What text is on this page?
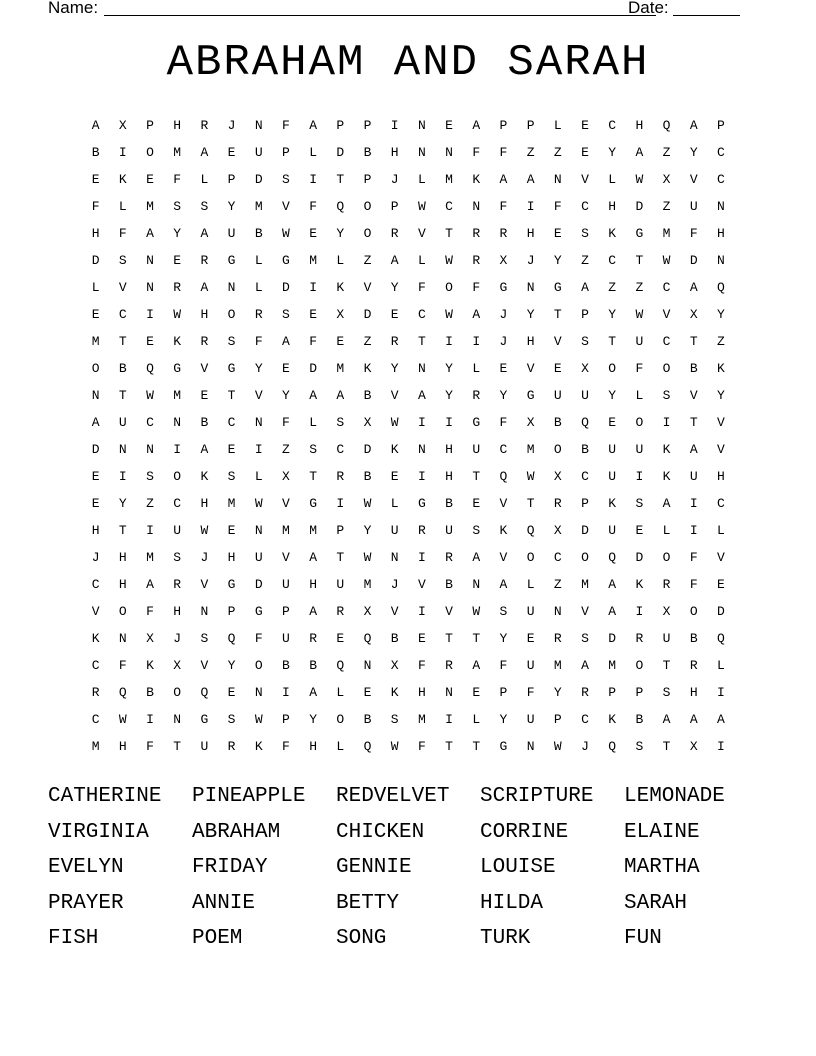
Name:	Date:
ABRAHAM AND SARAH
A	X	P	H	R	J	N	F	A	P	P	I	N	E	A	P	P	L	E	C	H	Q	A	P
B	I	O	M	A	E	U	P	L	D	B	H	N	N	F	F	Z	Z	E	Y	A	Z	Y	C
E	K	E	F	L	P	D	S	I	T	P	J	L	M	K	A	A	N	V	L	W	X	V	C
F	L	M	S	S	Y	M	V	F	Q	O	P	W	C	N	F	I	F	C	H	D	Z	U	N
H	F	A	Y	A	U	B	W	E	Y	O	R	V	T	R	R	H	E	S	K	G	M	F	H
D	S	N	E	R	G	L	G	M	L	Z	A	L	W	R	X	J	Y	Z	C	T	W	D	N
L	V	N	R	A	N	L	D	I	K	V	Y	F	O	F	G	N	G	A	Z	Z	C	A	Q
E	C	I	W	H	O	R	S	E	X	D	E	C	W	A	J	Y	T	P	Y	W	V	X	Y
M	T	E	K	R	S	F	A	F	E	Z	R	T	I	I	J	H	V	S	T	U	C	T	Z
O	B	Q	G	V	G	Y	E	D	M	K	Y	N	Y	L	E	V	E	X	O	F	O	B	K
N	T	W	M	E	T	V	Y	A	A	B	V	A	Y	R	Y	G	U	U	Y	L	S	V	Y
A	U	C	N	B	C	N	F	L	S	X	W	I	I	G	F	X	B	Q	E	O	I	T	V
D	N	N	I	A	E	I	Z	S	C	D	K	N	H	U	C	M	O	B	U	U	K	A	V
E	I	S	O	K	S	L	X	T	R	B	E	I	H	T	Q	W	X	C	U	I	K	U	H
E	Y	Z	C	H	M	W	V	G	I	W	L	G	B	E	V	T	R	P	K	S	A	I	C
H	T	I	U	W	E	N	M	M	P	Y	U	R	U	S	K	Q	X	D	U	E	L	I	L
J	H	M	S	J	H	U	V	A	T	W	N	I	R	A	V	O	C	O	Q	D	O	F	V
C	H	A	R	V	G	D	U	H	U	M	J	V	B	N	A	L	Z	M	A	K	R	F	E
V	O	F	H	N	P	G	P	A	R	X	V	I	V	W	S	U	N	V	A	I	X	O	D
K	N	X	J	S	Q	F	U	R	E	Q	B	E	T	T	Y	E	R	S	D	R	U	B	Q
C	F	K	X	V	Y	O	B	B	Q	N	X	F	R	A	F	U	M	A	M	O	T	R	L
R	Q	B	O	Q	E	N	I	A	L	E	K	H	N	E	P	F	Y	R	P	P	S	H	I
C	W	I	N	G	S	W	P	Y	O	B	S	M	I	L	Y	U	P	C	K	B	A	A	A
M	H	F	T	U	R	K	F	H	L	Q	W	F	T	T	G	N	W	J	Q	S	T	X	I
CATHERINE	PINEAPPLE	REDVELVET	SCRIPTURE	LEMONADE
VIRGINIA	ABRAHAM	CHICKEN	CORRINE	ELAINE
EVELYN	FRIDAY	GENNIE	LOUISE	MARTHA
PRAYER	ANNIE	BETTY	HILDA	SARAH
FISH	POEM	SONG	TURK	FUN
